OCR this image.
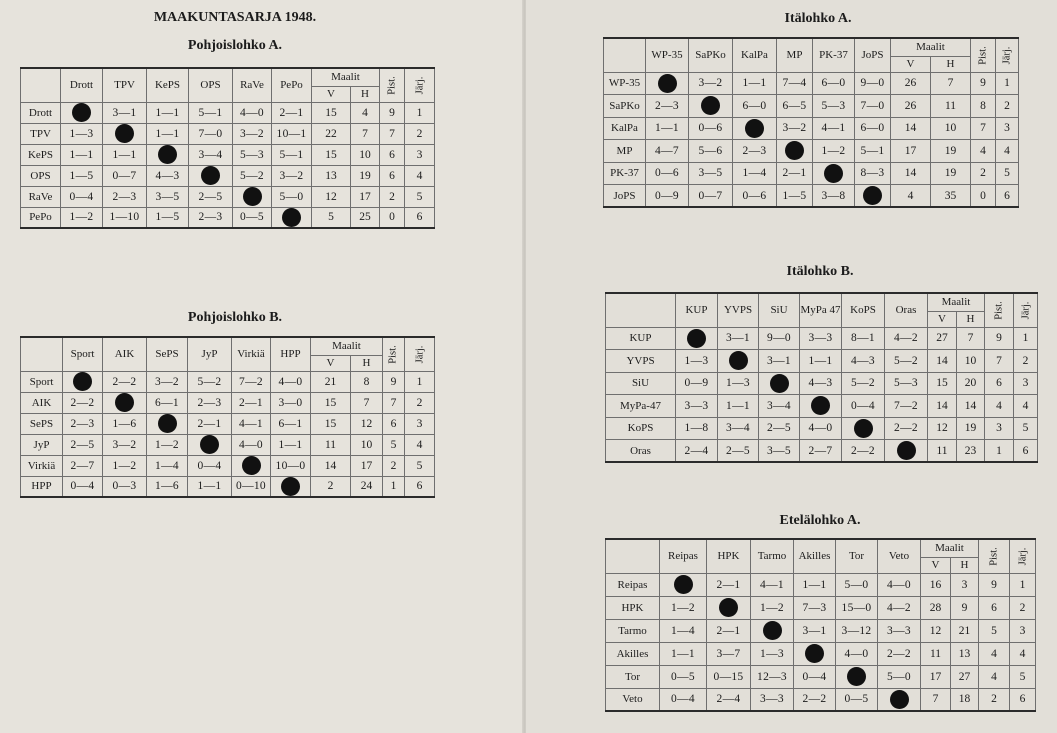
MAAKUNTASARJA 1948.
Pohjoislohko A.
	Drott	TPV	KePS	OPS	RaVe	PePo	Maalit		Pist.	Järj.
							V	H		
Drott		3—1	1—1	5—1	4—0	2—1	15	4	9	1
TPV	1—3		1—1	7—0	3—2	10—1	22	7	7	2
KePS	1—1	1—1		3—4	5—3	5—1	15	10	6	3
OPS	1—5	0—7	4—3		5—2	3—2	13	19	6	4
RaVe	0—4	2—3	3—5	2—5		5—0	12	17	2	5
PePo	1—2	1—10	1—5	2—3	0—5		5	25	0	6
Pohjoislohko B.
	Sport	AIK	SePS	JyP	Virkiä	HPP	Maalit		Pist.	Järj.
							V	H		
Sport		2—2	3—2	5—2	7—2	4—0	21	8	9	1
AIK	2—2		6—1	2—3	2—1	3—0	15	7	7	2
SePS	2—3	1—6		2—1	4—1	6—1	15	12	6	3
JyP	2—5	3—2	1—2		4—0	1—1	11	10	5	4
Virkiä	2—7	1—2	1—4	0—4		10—0	14	17	2	5
HPP	0—4	0—3	1—6	1—1	0—10		2	24	1	6
Itälohko A.
	WP-35	SaPKo	KalPa	MP	PK-37	JoPS	Maalit		Pist.	Järj.
							V	H		
WP-35		3—2	1—1	7—4	6—0	9—0	26	7	9	1
SaPKo	2—3		6—0	6—5	5—3	7—0	26	11	8	2
KalPa	1—1	0—6		3—2	4—1	6—0	14	10	7	3
MP	4—7	5—6	2—3		1—2	5—1	17	19	4	4
PK-37	0—6	3—5	1—4	2—1		8—3	14	19	2	5
JoPS	0—9	0—7	0—6	1—5	3—8		4	35	0	6
Itälohko B.
	KUP	YVPS	SiU	MyPa 47	KoPS	Oras	Maalit		Pist.	Järj.
							V	H		
KUP		3—1	9—0	3—3	8—1	4—2	27	7	9	1
YVPS	1—3		3—1	1—1	4—3	5—2	14	10	7	2
SiU	0—9	1—3		4—3	5—2	5—3	15	20	6	3
MyPa-47	3—3	1—1	3—4		0—4	7—2	14	14	4	4
KoPS	1—8	3—4	2—5	4—0		2—2	12	19	3	5
Oras	2—4	2—5	3—5	2—7	2—2		11	23	1	6
Etelälohko A.
	Reipas	HPK	Tarmo	Akilles	Tor	Veto	Maalit		Pist.	Järj.
							V	H		
Reipas		2—1	4—1	1—1	5—0	4—0	16	3	9	1
HPK	1—2		1—2	7—3	15—0	4—2	28	9	6	2
Tarmo	1—4	2—1		3—1	3—12	3—3	12	21	5	3
Akilles	1—1	3—7	1—3		4—0	2—2	11	13	4	4
Tor	0—5	0—15	12—3	0—4		5—0	17	27	4	5
Veto	0—4	2—4	3—3	2—2	0—5		7	18	2	6
